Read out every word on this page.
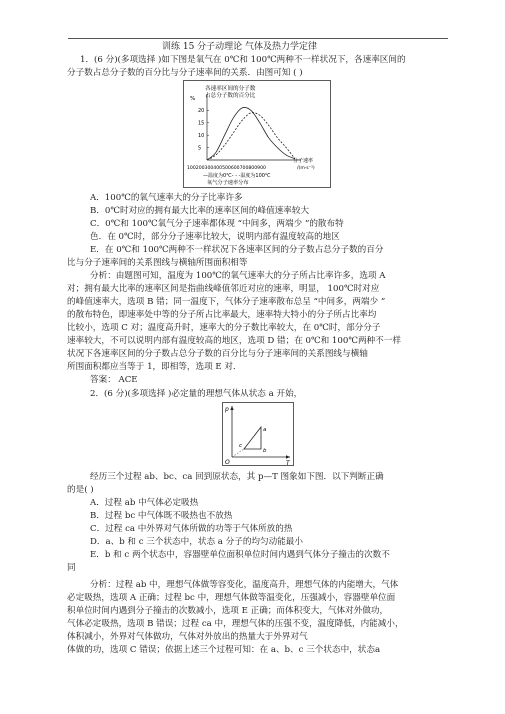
训练 15 分子动理论 气体及热力学定律
1．(6 分)(多项选择 )如下图是氧气在 0℃和 100℃两种不一样状况下，各速率区间的
分子数占总分子数的百分比与分子速率间的关系．由图可知 ( )
各速率区间的分子数
占总分子数的百分比
%
20
15
10
5
100200300400500600700800900
分子速率
/(m·s⁻¹)
—温度为0℃- - -温度为100℃
氧气分子速率分布
A．100℃的氧气速率大的分子比率许多
B．0℃时对应的拥有最大比率的速率区间的峰值速率较大
C．0℃和 100℃氧气分子速率都体现 “中间多，两端少 ”的散布特
色．在 0℃时，部分分子速率比较大，说明内部有温度较高的地区
E．在 0℃和 100℃两种不一样状况下各速率区间的分子数占总分子数的百分
比与分子速率间的关系图线与横轴所围面积相等
分析：由题图可知，温度为 100℃的氧气速率大的分子所占比率许多，选项 A
对；拥有最大比率的速率区间是指曲线峰值邻近对应的速率，明显， 100℃时对应
的峰值速率大，选项 B 错；同一温度下，气体分子速率散布总呈 “中间多，两端少 ”
的散布特色，即速率处中等的分子所占比率最大，速率特大特小的分子所占比率均
比较小，选项 C 对；温度高升时，速率大的分子数比率较大，在 0℃时，部分分子
速率较大，不可以说明内部有温度较高的地区，选项 D 错；在 0℃和 100℃两种不一样
状况下各速率区间的分子数占总分子数的百分比与分子速率间的关系图线与横轴
所围面积都应当等于 1，即相等，选项 E 对．
答案： ACE
2．(6 分)(多项选择 )必定量的理想气体从状态 a 开始，
p
T
O
a
b
c
经历三个过程 ab、bc、ca 回到原状态，其 p—T 图象如下图．以下判断正确
的是( )
A．过程 ab 中气体必定吸热
B．过程 bc 中气体既不吸热也不放热
C．过程 ca 中外界对气体所做的功等于气体所放的热
D．a、b 和 c 三个状态中，状态 a 分子的均匀动能最小
E．b 和 c 两个状态中，容器壁单位面积单位时间内遇到气体分子撞击的次数不
同
分析：过程 ab 中，理想气体做等容变化，温度高升，理想气体的内能增大，气体
必定吸热，选项 A 正确；过程 bc 中，理想气体做等温变化，压强减小，容器壁单位面
积单位时间内遇到分子撞击的次数减小，选项 E 正确；而体积变大，气体对外做功，
气体必定吸热，选项 B 错误；过程 ca 中，理想气体的压强不变，温度降低，内能减小，
体积减小，外界对气体做功，气体对外放出的热量大于外界对气
体做的功，选项 C 错误；依据上述三个过程可知：在 a、b、c 三个状态中，状态a
